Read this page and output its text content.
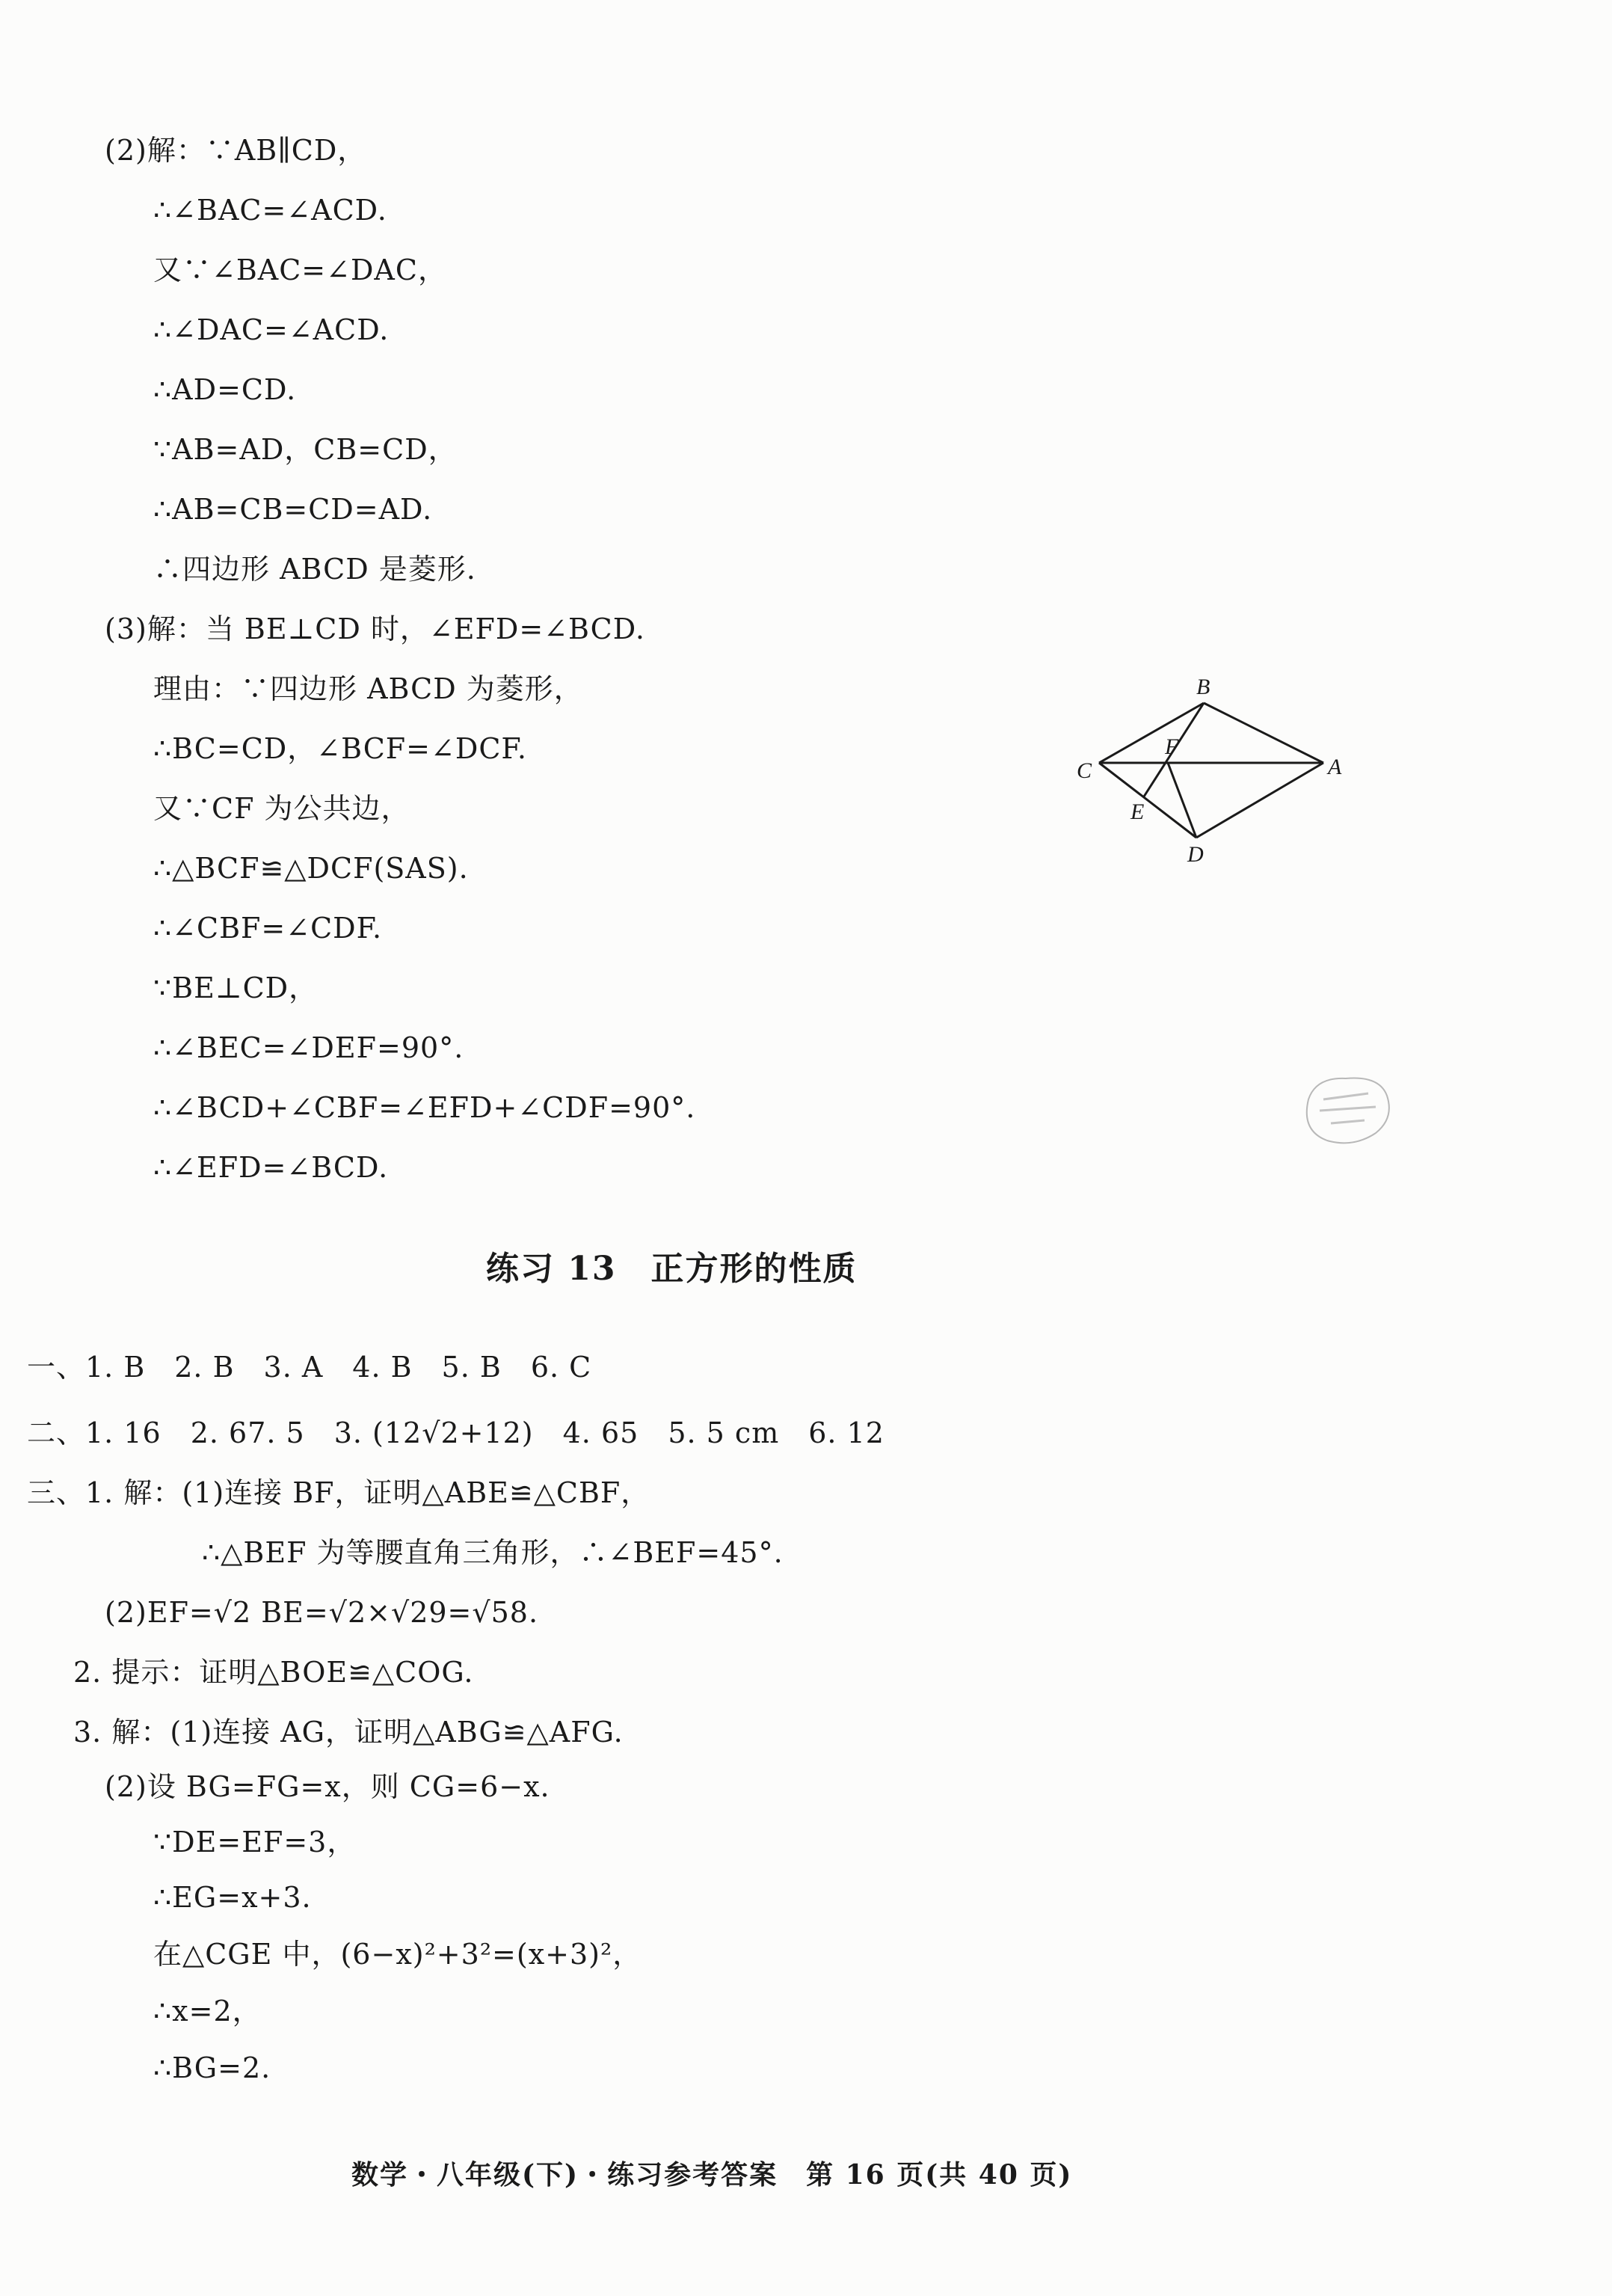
(2)解：∵AB∥CD，
∴∠BAC=∠ACD.
又∵∠BAC=∠DAC，
∴∠DAC=∠ACD.
∴AD=CD.
∵AB=AD，CB=CD，
∴AB=CB=CD=AD.
∴四边形 ABCD 是菱形.
(3)解：当 BE⊥CD 时，∠EFD=∠BCD.
理由：∵四边形 ABCD 为菱形，
∴BC=CD，∠BCF=∠DCF.
又∵CF 为公共边，
∴△BCF≌△DCF(SAS).
∴∠CBF=∠CDF.
∵BE⊥CD，
∴∠BEC=∠DEF=90°.
∴∠BCD+∠CBF=∠EFD+∠CDF=90°.
∴∠EFD=∠BCD.
B
A
C
D
E
F
练习 13　正方形的性质
一、1. B　2. B　3. A　4. B　5. B　6. C
二、1. 16　2. 67. 5　3. (12√2+12)　4. 65　5. 5 cm　6. 12
三、1. 解：(1)连接 BF，证明△ABE≌△CBF，
∴△BEF 为等腰直角三角形，∴∠BEF=45°.
(2)EF=√2 BE=√2×√29=√58.
2. 提示：证明△BOE≌△COG.
3. 解：(1)连接 AG，证明△ABG≌△AFG.
(2)设 BG=FG=x，则 CG=6−x.
∵DE=EF=3，
∴EG=x+3.
在△CGE 中，(6−x)²+3²=(x+3)²，
∴x=2，
∴BG=2.
数学・八年级(下)・练习参考答案　第 16 页(共 40 页)
